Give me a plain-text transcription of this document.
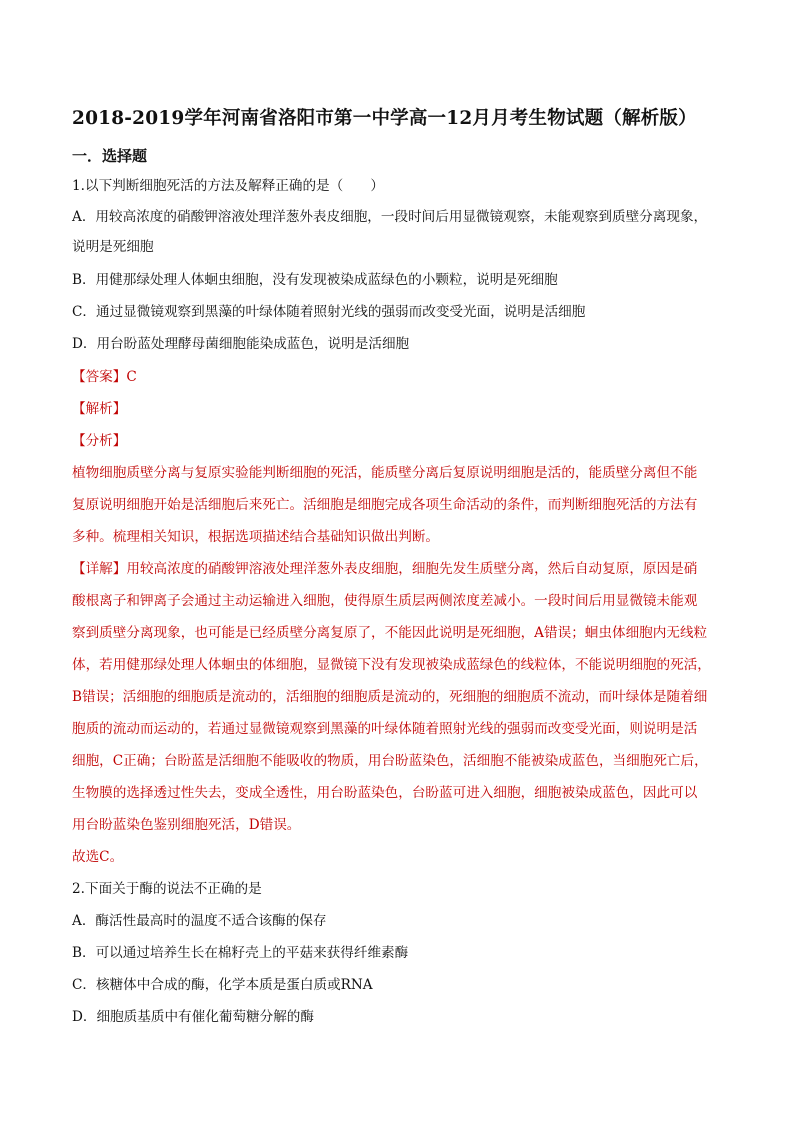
2018-2019学年河南省洛阳市第一中学高一12月月考生物试题（解析版）
一．选择题
1.以下判断细胞死活的方法及解释正确的是（　　）
A．用较高浓度的硝酸钾溶液处理洋葱外表皮细胞，一段时间后用显微镜观察，未能观察到质壁分离现象，
说明是死细胞
B．用健那绿处理人体蛔虫细胞，没有发现被染成蓝绿色的小颗粒，说明是死细胞
C．通过显微镜观察到黑藻的叶绿体随着照射光线的强弱而改变受光面，说明是活细胞
D．用台盼蓝处理酵母菌细胞能染成蓝色，说明是活细胞
【答案】C
【解析】
【分析】
植物细胞质壁分离与复原实验能判断细胞的死活，能质壁分离后复原说明细胞是活的，能质壁分离但不能
复原说明细胞开始是活细胞后来死亡。活细胞是细胞完成各项生命活动的条件，而判断细胞死活的方法有
多种。梳理相关知识，根据选项描述结合基础知识做出判断。
【详解】用较高浓度的硝酸钾溶液处理洋葱外表皮细胞，细胞先发生质壁分离，然后自动复原，原因是硝
酸根离子和钾离子会通过主动运输进入细胞，使得原生质层两侧浓度差减小。一段时间后用显微镜未能观
察到质壁分离现象，也可能是已经质壁分离复原了，不能因此说明是死细胞，A错误；蛔虫体细胞内无线粒
体，若用健那绿处理人体蛔虫的体细胞，显微镜下没有发现被染成蓝绿色的线粒体，不能说明细胞的死活，
B错误；活细胞的细胞质是流动的，活细胞的细胞质是流动的，死细胞的细胞质不流动，而叶绿体是随着细
胞质的流动而运动的，若通过显微镜观察到黑藻的叶绿体随着照射光线的强弱而改变受光面，则说明是活
细胞，C正确；台盼蓝是活细胞不能吸收的物质，用台盼蓝染色，活细胞不能被染成蓝色，当细胞死亡后，
生物膜的选择透过性失去，变成全透性，用台盼蓝染色，台盼蓝可进入细胞，细胞被染成蓝色，因此可以
用台盼蓝染色鉴别细胞死活，D错误。
故选C。
2.下面关于酶的说法不正确的是
A．酶活性最高时的温度不适合该酶的保存
B．可以通过培养生长在棉籽壳上的平菇来获得纤维素酶
C．核糖体中合成的酶，化学本质是蛋白质或RNA
D．细胞质基质中有催化葡萄糖分解的酶
